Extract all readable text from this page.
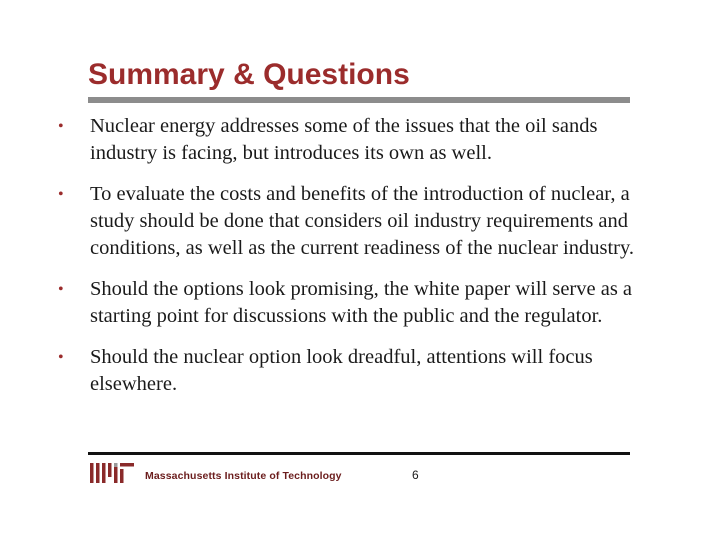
Summary & Questions
• Nuclear energy addresses some of the issues that the oil sands industry is facing, but introduces its own as well.
• To evaluate the costs and benefits of the introduction of nuclear, a study should be done that considers oil industry requirements and conditions, as well as the current readiness of the nuclear industry.
• Should the options look promising, the white paper will serve as a starting point for discussions with the public and the regulator.
• Should the nuclear option look dreadful, attentions will focus elsewhere.
Massachusetts Institute of Technology	6
